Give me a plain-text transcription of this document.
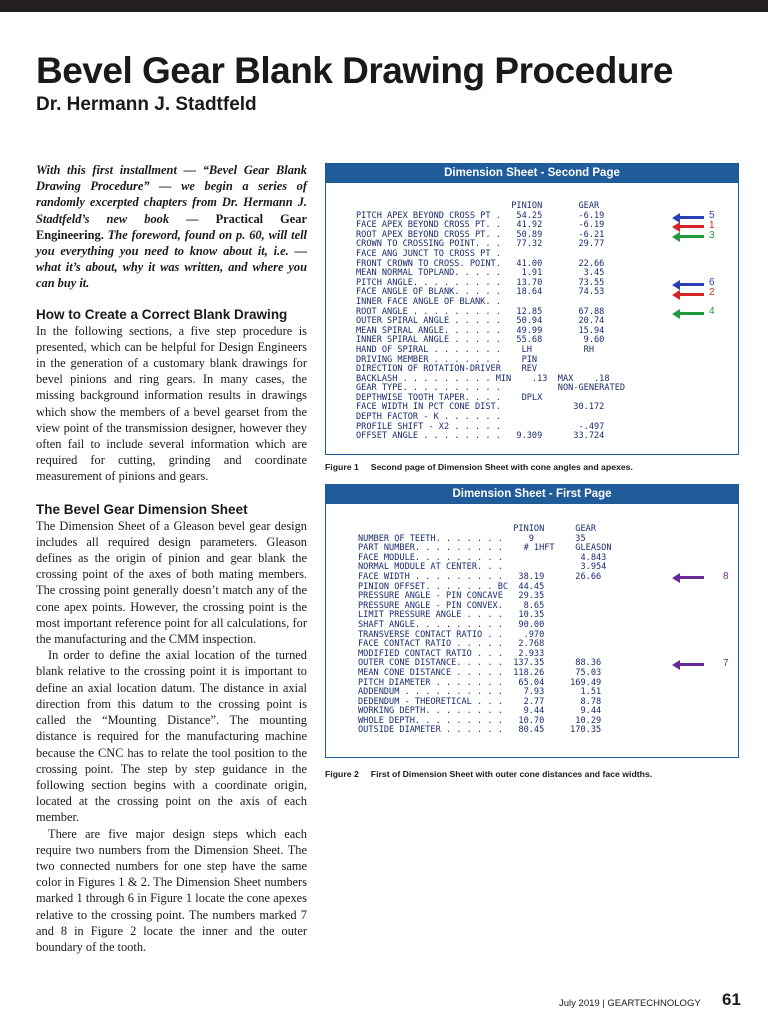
Bevel Gear Blank Drawing Procedure
Dr. Hermann J. Stadtfeld

With this first installment — “Bevel Gear Blank Drawing Procedure” — we begin a series of randomly excerpted chapters from Dr. Hermann J. Stadtfeld’s new book — Practical Gear Engineering. The foreword, found on p. 60, will tell you everything you need to know about it, i.e. — what it’s about, why it was written, and where you can buy it.

How to Create a Correct Blank Drawing

In the following sections, a five step procedure is presented, which can be helpful for Design Engineers in the generation of a customary blank drawings for bevel pinions and ring gears. In many cases, the missing background information results in drawings which show the members of a bevel gearset from the view point of the transmission designer, however they often fail to include several information which are required for cutting, grinding and coordinate measurement of pinions and gears.

The Bevel Gear Dimension Sheet

The Dimension Sheet of a Gleason bevel gear design includes all required design parameters. Gleason defines as the origin of pinion and gear blank the crossing point of the axes of both mating members. The crossing point generally doesn’t match any of the cone apex points. However, the crossing point is the most important reference point for all calculations, for the manufacturing and the CMM inspection.

In order to define the axial location of the turned blank relative to the crossing point it is important to define an axial location datum. The distance in axial direction from this datum to the crossing point is called the “Mounting Distance”. The mounting distance is required for the manufacturing machine because the CNC has to relate the tool position to the crossing point. The step by step guidance in the following section begins with a coordinate origin, located at the crossing point on the axis of each member.

There are five major design steps which each require two numbers from the Dimension Sheet. The two connected numbers for one step have the same color in Figures 1 & 2. The Dimension Sheet numbers marked 1 through 6 in Figure 1 locate the cone apexes relative to the crossing point. The numbers marked 7 and 8 in Figure 2 locate the inner and the outer boundary of the tooth.

Dimension Sheet - Second Page
PINION       GEAR
PITCH APEX BEYOND CROSS PT .   54.25       -6.19
FACE APEX BEYOND CROSS PT. .   41.92       -6.19
ROOT APEX BEYOND CROSS PT. .   50.89       -6.21
CROWN TO CROSSING POINT. . .   77.32       29.77
FACE ANG JUNCT TO CROSS PT .
FRONT CROWN TO CROSS. POINT.   41.00       22.66
MEAN NORMAL TOPLAND. . . . .    1.91        3.45
PITCH ANGLE. . . . . . . . .   13.70       73.55
FACE ANGLE OF BLANK. . . . .   18.64       74.53
INNER FACE ANGLE OF BLANK. .
ROOT ANGLE . . . . . . . . .   12.85       67.88
OUTER SPIRAL ANGLE . . . . .   50.94       20.74
MEAN SPIRAL ANGLE. . . . . .   49.99       15.94
INNER SPIRAL ANGLE . . . . .   55.68        9.60
HAND OF SPIRAL . . . . . . .    LH          RH
DRIVING MEMBER . . . . . . .    PIN
DIRECTION OF ROTATION-DRIVER    REV
BACKLASH . . . . . . . . . MIN    .13  MAX    .18
GEAR TYPE. . . . . . . . . .           NON-GENERATED
DEPTHWISE TOOTH TAPER. . . .    DPLX
FACE WIDTH IN PCT CONE DIST.              30.172
DEPTH FACTOR - K . . . . . .
PROFILE SHIFT - X2 . . . . .               -.497
OFFSET ANGLE . . . . . . . .   9.309      33.724
5
1
3
6
2
4
Figure 1 Second page of Dimension Sheet with cone angles and apexes.
Dimension Sheet - First Page
PINION      GEAR
NUMBER OF TEETH. . . . . . .     9        35
PART NUMBER. . . . . . . . .    # 1HFT    GLEASON
FACE MODULE. . . . . . . . .               4.843
NORMAL MODULE AT CENTER. . .               3.954
FACE WIDTH . . . . . . . . .   38.19      26.66
PINION OFFSET. . . . . . . BC  44.45
PRESSURE ANGLE - PIN CONCAVE   29.35
PRESSURE ANGLE - PIN CONVEX.    8.65
LIMIT PRESSURE ANGLE . . . .   10.35
SHAFT ANGLE. . . . . . . . .   90.00
TRANSVERSE CONTACT RATIO . .    .970
FACE CONTACT RATIO . . . . .   2.768
MODIFIED CONTACT RATIO . . .   2.933
OUTER CONE DISTANCE. . . . .  137.35      88.36
MEAN CONE DISTANCE . . . . .  118.26      75.03
PITCH DIAMETER . . . . . . .   65.04     169.49
ADDENDUM . . . . . . . . . .    7.93       1.51
DEDENDUM - THEORETICAL . . .    2.77       8.78
WORKING DEPTH. . . . . . . .    9.44       9.44
WHOLE DEPTH. . . . . . . . .   10.70      10.29
OUTSIDE DIAMETER . . . . . .   80.45     170.35
8
7
Figure 2 First of Dimension Sheet with outer cone distances and face widths.
July 2019 | GEARTECHNOLOGY 61
